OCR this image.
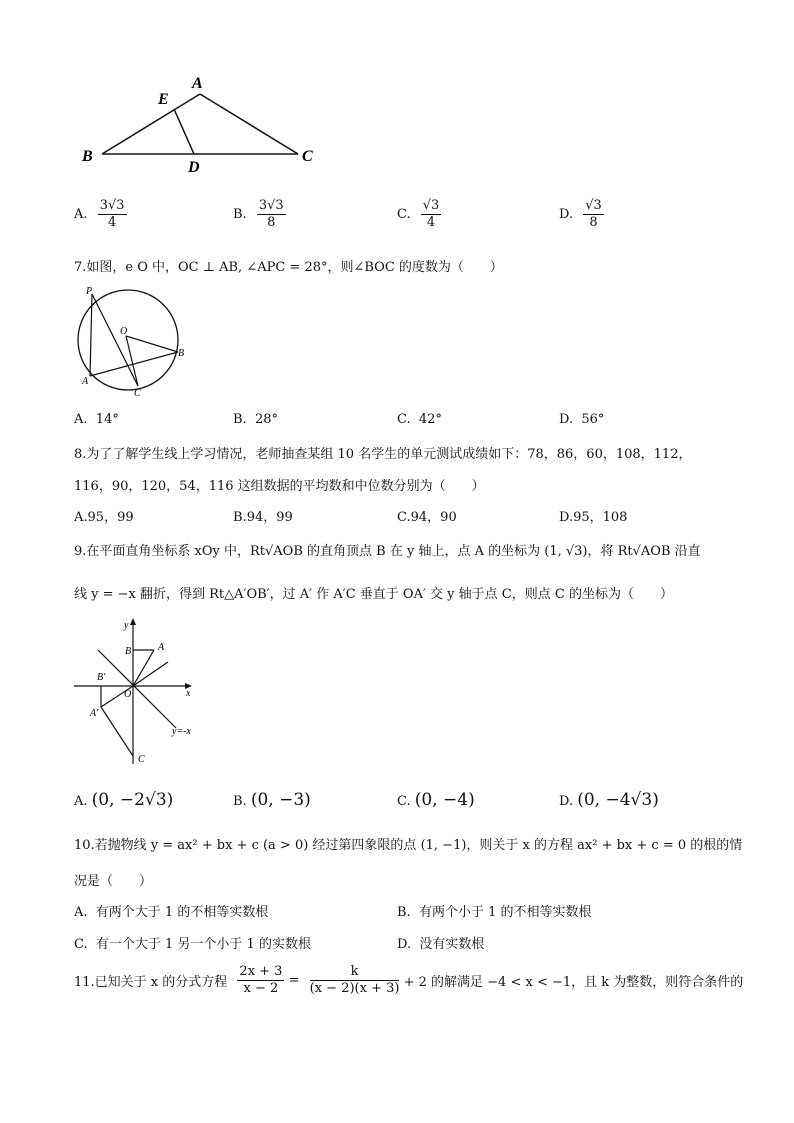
A
E
B
D
C
A. $\frac{3√3}{4}$	B. $\frac{3√3}{8}$	C. $\frac{√3}{4}$	D. $\frac{√3}{8}$
7.如图，e O 中，OC ⊥ AB, ∠APC = 28°，则∠BOC 的度数为（　　）
P
O
B
A
C
A. 14°	B. 28°	C. 42°	D. 56°
8.为了了解学生线上学习情况，老师抽查某组 10 名学生的单元测试成绩如下：78，86，60，108，112，
116，90，120，54，116 这组数据的平均数和中位数分别为（　　）
A.95，99	B.94，99	C.94，90	D.95，108
9.在平面直角坐标系 xOy 中，Rt√AOB 的直角顶点 B 在 y 轴上，点 A 的坐标为 (1, √3)，将 Rt√AOB 沿直
线 y = −x 翻折，得到 Rt△A′OB′，过 A′ 作 A′C 垂直于 OA′ 交 y 轴于点 C，则点 C 的坐标为（　　）
y
x
B	A
B′
O
A′
y=-x
C
A. (0, −2√3)	B. (0, −3)	C. (0, −4)	D. (0, −4√3)
10.若抛物线 y = ax² + bx + c (a > 0) 经过第四象限的点 (1, −1)，则关于 x 的方程 ax² + bx + c = 0 的根的情
况是（　　）
A. 有两个大于 1 的不相等实数根	B. 有两个小于 1 的不相等实数根
C. 有一个大于 1 另一个小于 1 的实数根	D. 没有实数根
11.已知关于 x 的分式方程 $\frac{2x + 3}{x - 2} = \frac{k}{(x - 2)(x + 3)} + 2$ 的解满足 −4 < x < −1，且 k 为整数，则符合条件的
